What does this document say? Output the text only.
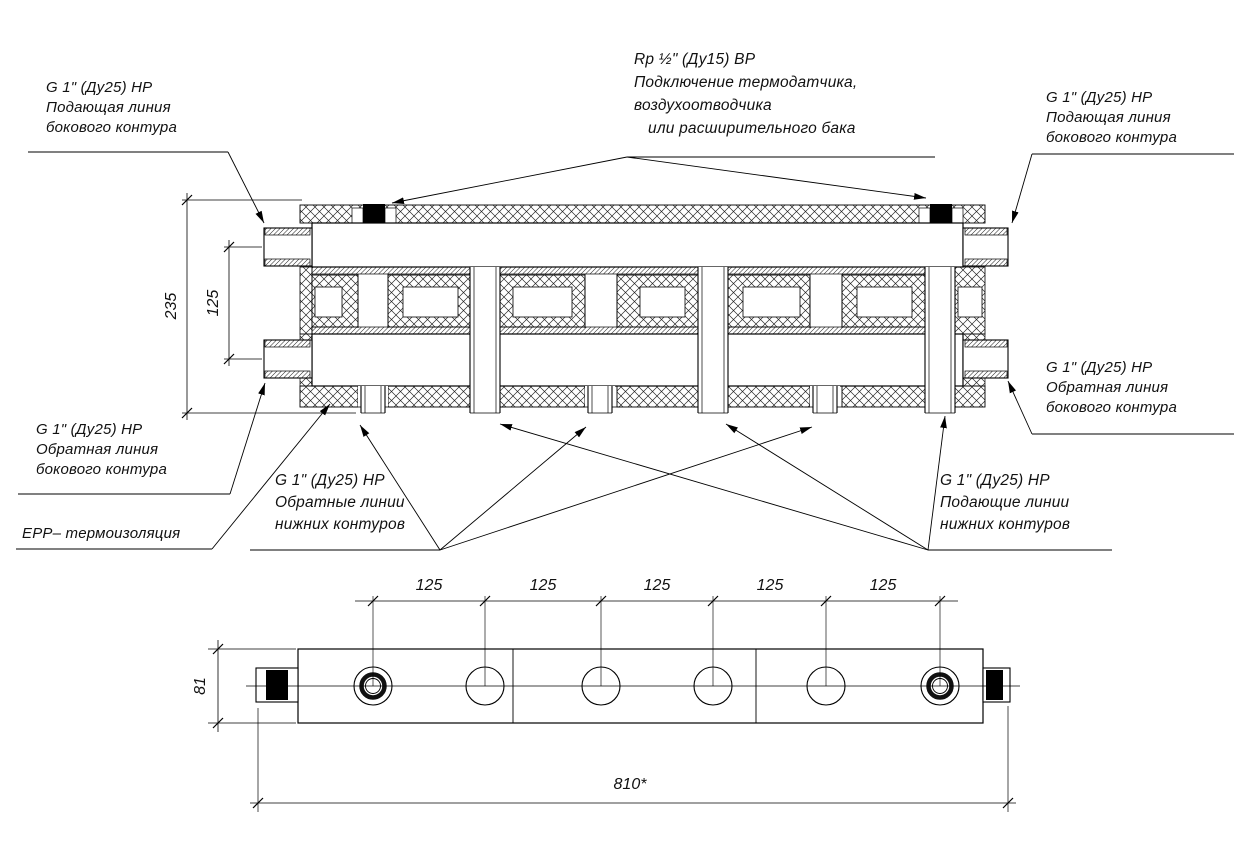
G 1" (Ду25) НР
Подающая линия
бокового контура
Rp ½" (Ду15) ВР
Подключение термодатчика,
воздухоотводчика
или расширительного бака
G 1" (Ду25) НР
Подающая линия
бокового контура
G 1" (Ду25) НР
Обратная линия
бокового контура
G 1" (Ду25) НР
Обратная линия
бокового контура
EPP– термоизоляция
G 1" (Ду25) НР
Обратные линии
нижних контуров
G 1" (Ду25) НР
Подающие линии
нижних контуров
235 125
81
125	125	125	125	125
810*
